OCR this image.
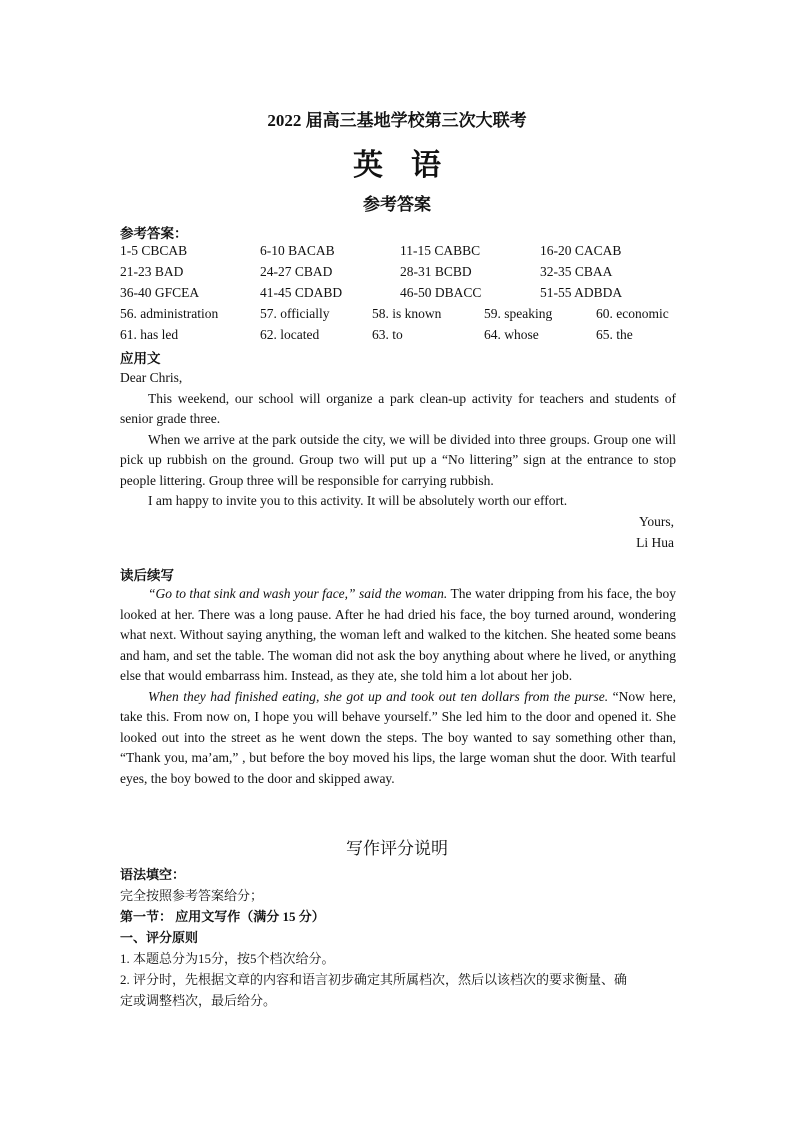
2022 届高三基地学校第三次大联考
英语
参考答案
参考答案：
1-5 CBCAB	6-10 BACAB	11-15 CABBC	16-20 CACAB
21-23 BAD	24-27 CBAD	28-31 BCBD	32-35 CBAA
36-40 GFCEA	41-45 CDABD	46-50 DBACC	51-55 ADBDA
56. administration	57. officially	58. is known	59. speaking	60. economic
61. has led	62. located	63. to	64. whose	65. the
应用文

Dear Chris,

This weekend, our school will organize a park clean-up activity for teachers and students of senior grade three.

When we arrive at the park outside the city, we will be divided into three groups. Group one will pick up rubbish on the ground. Group two will put up a “No littering” sign at the entrance to stop people littering. Group three will be responsible for carrying rubbish.

I am happy to invite you to this activity. It will be absolutely worth our effort.

Yours,
Li Hua
读后续写

“Go to that sink and wash your face,” said the woman. The water dripping from his face, the boy looked at her. There was a long pause. After he had dried his face, the boy turned around, wondering what next. Without saying anything, the woman left and walked to the kitchen. She heated some beans and ham, and set the table. The woman did not ask the boy anything about where he lived, or anything else that would embarrass him. Instead, as they ate, she told him a lot about her job.

When they had finished eating, she got up and took out ten dollars from the purse. “Now here, take this. From now on, I hope you will behave yourself.” She led him to the door and opened it. She looked out into the street as he went down the steps. The boy wanted to say something other than, “Thank you, ma’am,” , but before the boy moved his lips, the large woman shut the door. With tearful eyes, the boy bowed to the door and skipped away.

写作评分说明
语法填空：
完全按照参考答案给分；
第一节： 应用文写作（满分 15 分）
一、评分原则
1. 本题总分为15分，按5个档次给分。
2. 评分时，先根据文章的内容和语言初步确定其所属档次，然后以该档次的要求衡量、确
定或调整档次，最后给分。
